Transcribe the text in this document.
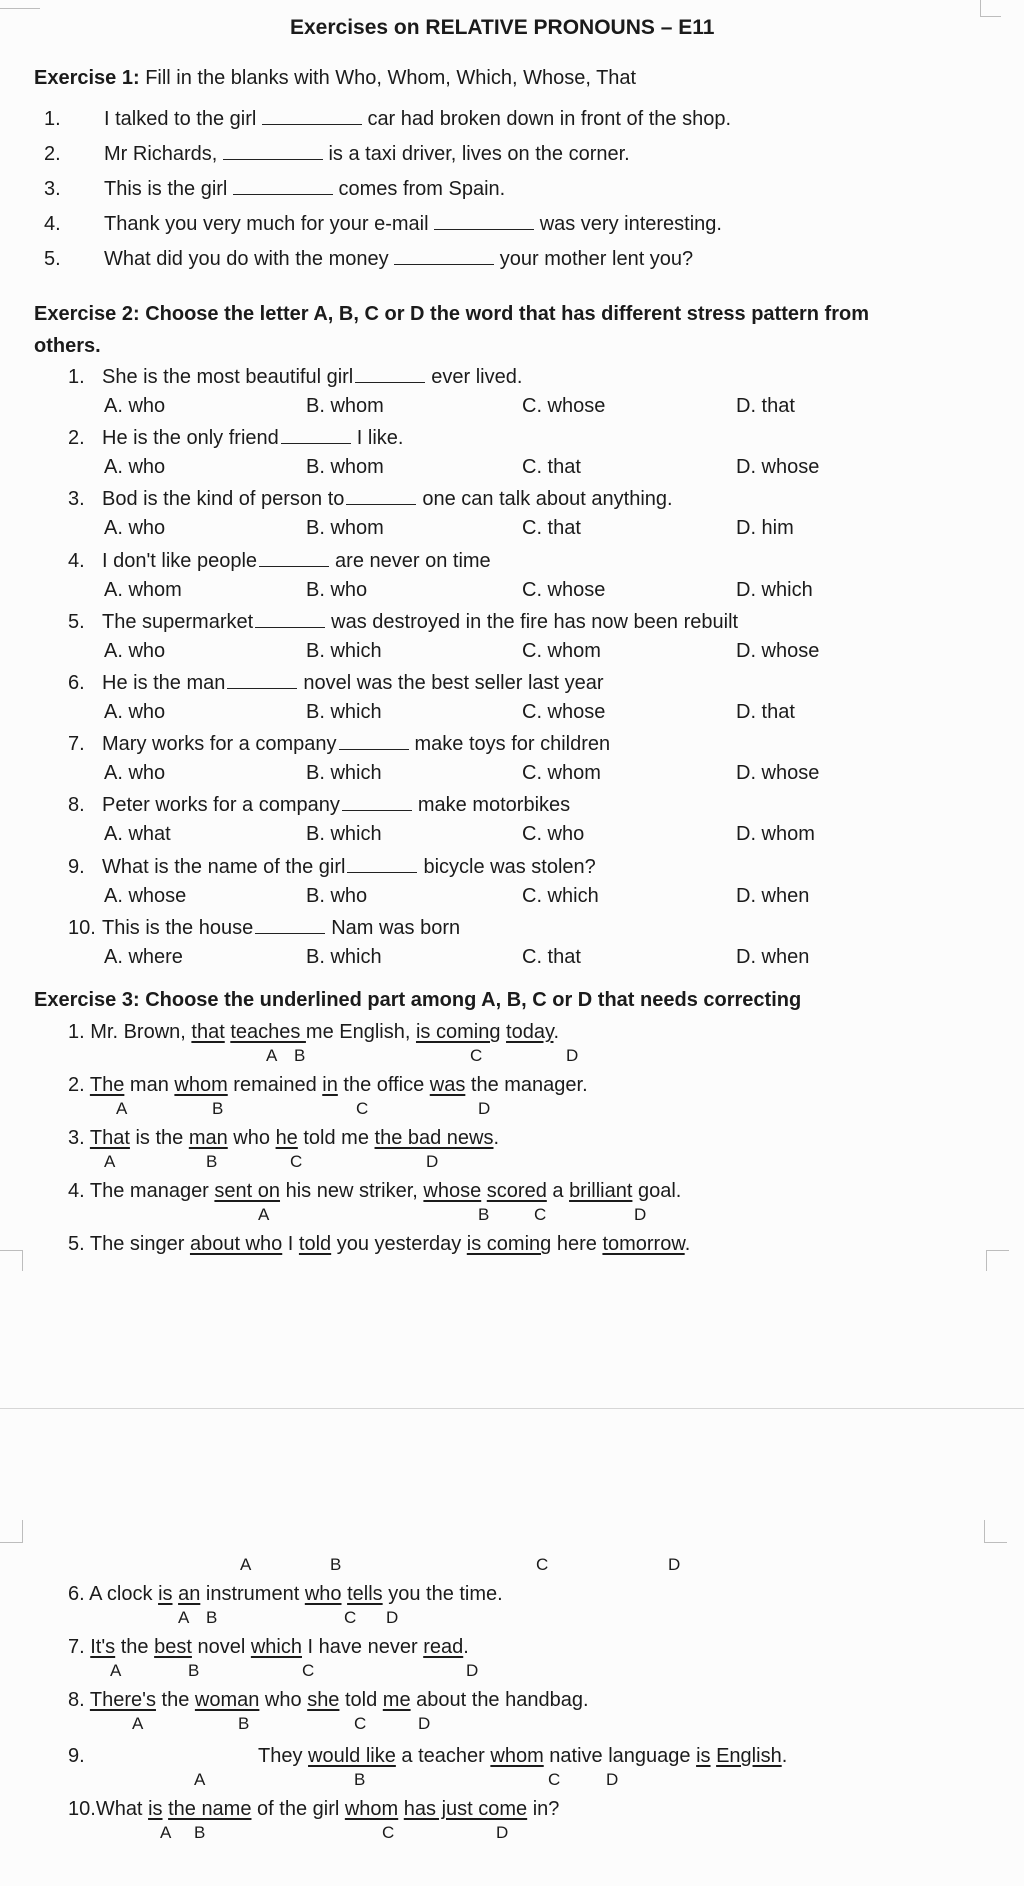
Exercises on RELATIVE PRONOUNS – E11
Exercise 1: Fill in the blanks with Who, Whom, Which, Whose, That
1. I talked to the girl	car had broken down in front of the shop.
2. Mr Richards,	is a taxi driver, lives on the corner.
3. This is the girl	comes from Spain.
4. Thank you very much for your e-mail	was very interesting.
5. What did you do with the money	your mother lent you?
Exercise 2: Choose the letter A, B, C or D the word that has different stress pattern from
others.
1. She is the most beautiful girl	ever lived.
A. who	B. whom	C. whose	D. that
2. He is the only friend	I like.
A. who	B. whom	C. that	D. whose
3. Bod is the kind of person to	one can talk about anything.
A. who	B. whom	C. that	D. him
4. I don't like people	are never on time
A. whom	B. who	C. whose	D. which
5. The supermarket	was destroyed in the fire has now been rebuilt
A. who	B. which	C. whom	D. whose
6. He is the man	novel was the best seller last year
A. who	B. which	C. whose	D. that
7. Mary works for a company	make toys for children
A. who	B. which	C. whom	D. whose
8. Peter works for a company	make motorbikes
A. what	B. which	C. who	D. whom
9. What is the name of the girl	bicycle was stolen?
A. whose	B. who	C. which	D. when
10. This is the house	Nam was born
A. where	B. which	C. that	D. when
Exercise 3: Choose the underlined part among A, B, C or D that needs correcting
1. Mr. Brown, that teaches me English, is coming today.
A B	C	D
2. The man whom remained in the office was the manager.
A	B	C	D
3. That is the man who he told me the bad news.
A	B	C	D
4. The manager sent on his new striker, whose scored a brilliant goal.
A	B	C	D
5. The singer about who I told you yesterday is coming here tomorrow.
A	B	C	D
6. A clock is an instrument who tells you the time.
A B	C D
7. It's the best novel which I have never read.
A	B	C	D
8. There's the woman who she told me about the handbag.
A	B	C	D
9.	They would like a teacher whom native language is English.
A	B	C	D
10.What is the name of the girl whom has just come in?
A B	C	D
